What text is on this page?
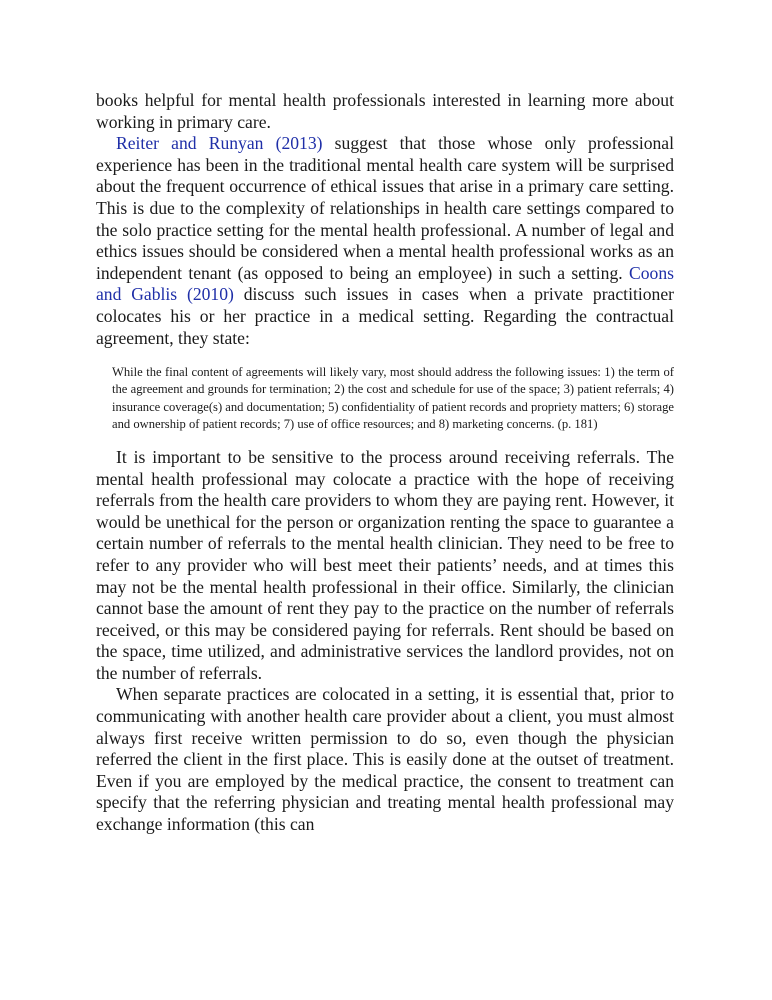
books helpful for mental health professionals interested in learning more about working in primary care.

Reiter and Runyan (2013) suggest that those whose only professional experience has been in the traditional mental health care system will be surprised about the frequent occurrence of ethical issues that arise in a primary care setting. This is due to the complexity of relationships in health care settings compared to the solo practice setting for the mental health professional. A number of legal and ethics issues should be considered when a mental health professional works as an independent tenant (as opposed to being an employee) in such a setting. Coons and Gablis (2010) discuss such issues in cases when a private practitioner colocates his or her practice in a medical setting. Regarding the contractual agreement, they state:

While the final content of agreements will likely vary, most should address the following issues: 1) the term of the agreement and grounds for termination; 2) the cost and schedule for use of the space; 3) patient referrals; 4) insurance coverage(s) and documentation; 5) confidentiality of patient records and propriety matters; 6) storage and ownership of patient records; 7) use of office resources; and 8) marketing concerns. (p. 181)

It is important to be sensitive to the process around receiving referrals. The mental health professional may colocate a practice with the hope of receiving referrals from the health care providers to whom they are paying rent. However, it would be unethical for the person or organization renting the space to guarantee a certain number of referrals to the mental health clinician. They need to be free to refer to any provider who will best meet their patients’ needs, and at times this may not be the mental health professional in their office. Similarly, the clinician cannot base the amount of rent they pay to the practice on the number of referrals received, or this may be considered paying for referrals. Rent should be based on the space, time utilized, and administrative services the landlord provides, not on the number of referrals.

When separate practices are colocated in a setting, it is essential that, prior to communicating with another health care provider about a client, you must almost always first receive written permission to do so, even though the physician referred the client in the first place. This is easily done at the outset of treatment. Even if you are employed by the medical practice, the consent to treatment can specify that the referring physician and treating mental health professional may exchange information (this can
